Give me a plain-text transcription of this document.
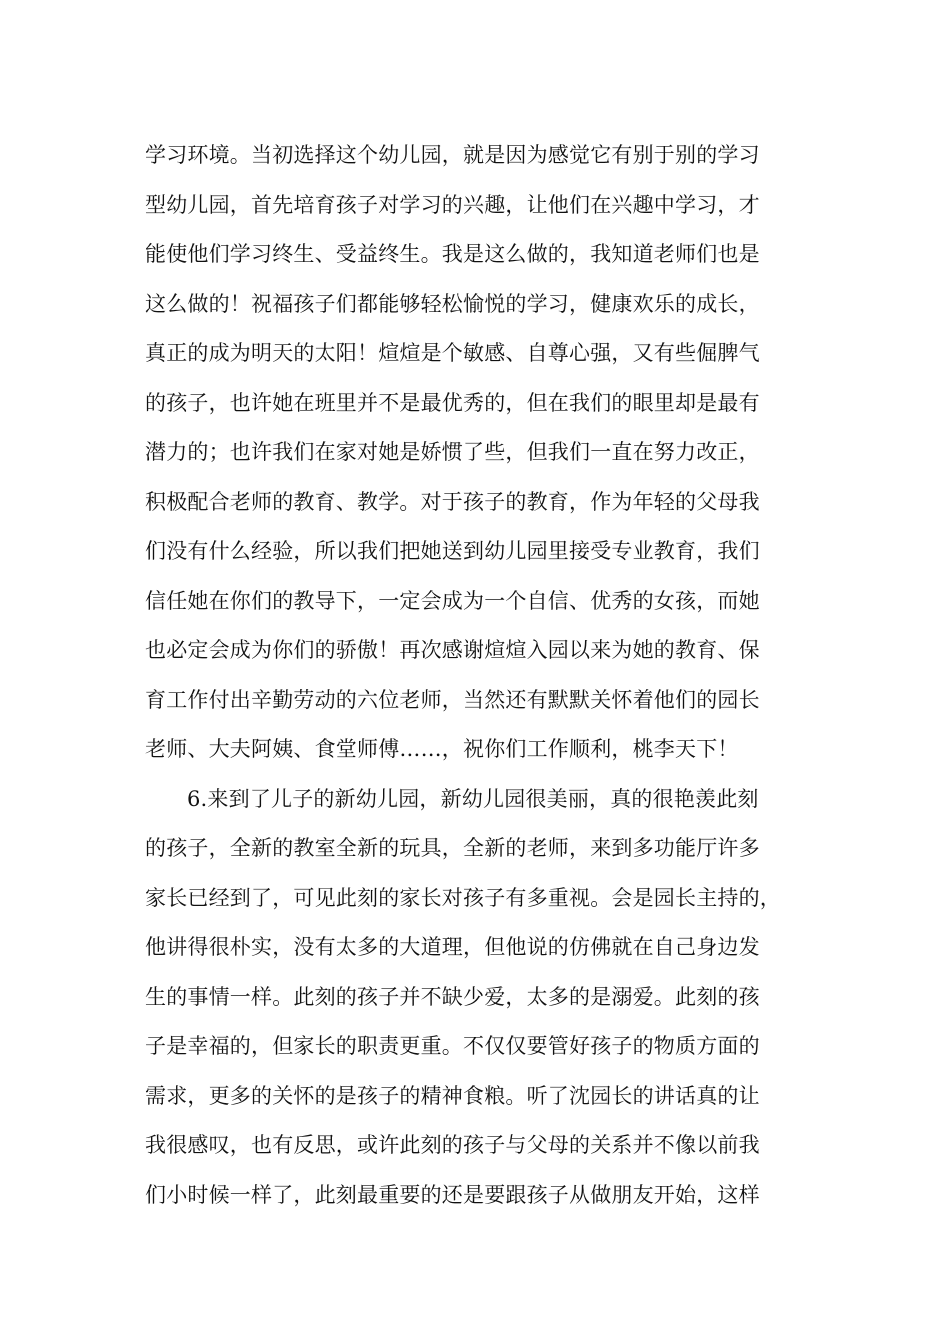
学习环境。当初选择这个幼儿园，就是因为感觉它有别于别的学习
型幼儿园，首先培育孩子对学习的兴趣，让他们在兴趣中学习，才
能使他们学习终生、受益终生。我是这么做的，我知道老师们也是
这么做的！祝福孩子们都能够轻松愉悦的学习，健康欢乐的成长，
真正的成为明天的太阳！煊煊是个敏感、自尊心强，又有些倔脾气
的孩子，也许她在班里并不是最优秀的，但在我们的眼里却是最有
潜力的；也许我们在家对她是娇惯了些，但我们一直在努力改正，
积极配合老师的教育、教学。对于孩子的教育，作为年轻的父母我
们没有什么经验，所以我们把她送到幼儿园里接受专业教育，我们
信任她在你们的教导下，一定会成为一个自信、优秀的女孩，而她
也必定会成为你们的骄傲！再次感谢煊煊入园以来为她的教育、保
育工作付出辛勤劳动的六位老师，当然还有默默关怀着他们的园长
老师、大夫阿姨、食堂师傅……，祝你们工作顺利，桃李天下！
6.来到了儿子的新幼儿园，新幼儿园很美丽，真的很艳羡此刻
的孩子，全新的教室全新的玩具，全新的老师，来到多功能厅许多
家长已经到了，可见此刻的家长对孩子有多重视。会是园长主持的，
他讲得很朴实，没有太多的大道理，但他说的仿佛就在自己身边发
生的事情一样。此刻的孩子并不缺少爱，太多的是溺爱。此刻的孩
子是幸福的，但家长的职责更重。不仅仅要管好孩子的物质方面的
需求，更多的关怀的是孩子的精神食粮。听了沈园长的讲话真的让
我很感叹，也有反思，或许此刻的孩子与父母的关系并不像以前我
们小时候一样了，此刻最重要的还是要跟孩子从做朋友开始，这样
